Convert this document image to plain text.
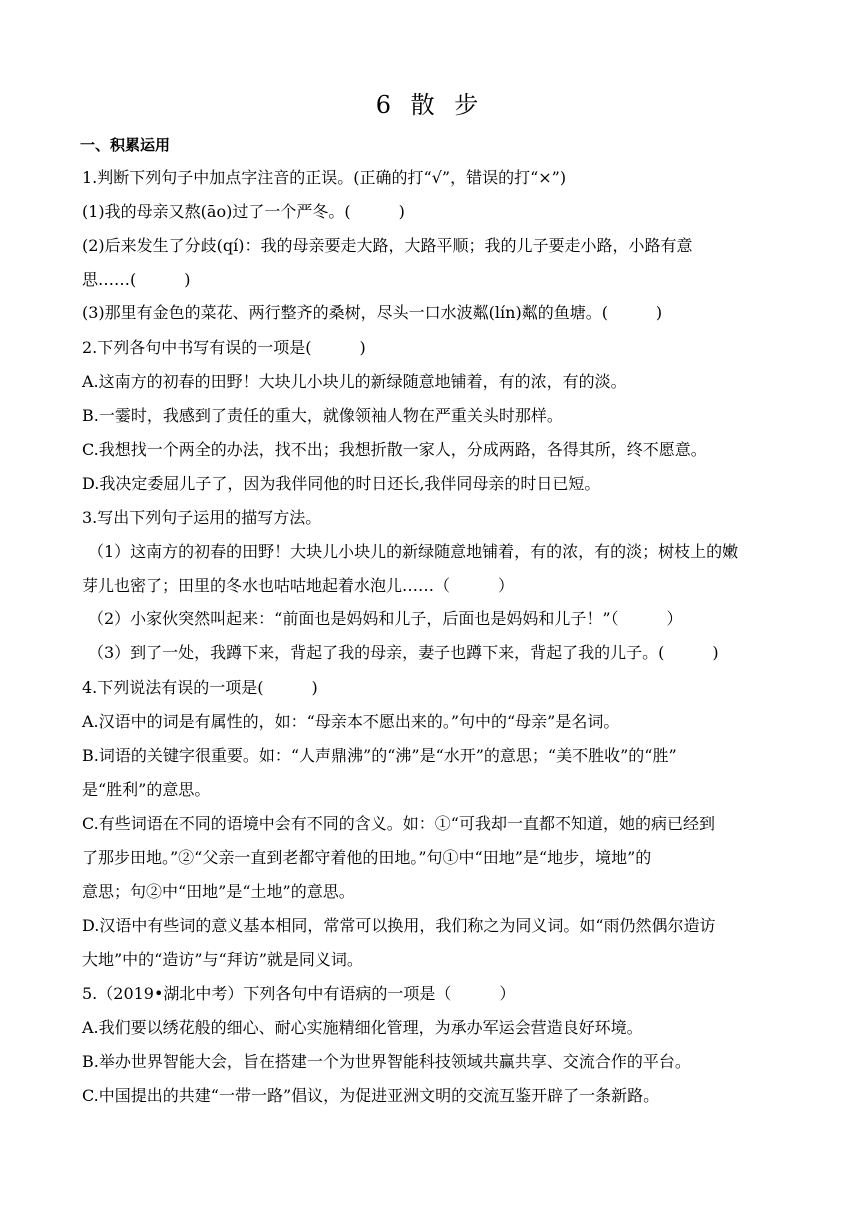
6 散 步
一、积累运用
1.判断下列句子中加点字注音的正误。(正确的打“√”，错误的打“×”)
(1)我的母亲又熬(āo)过了一个严冬。(　　　)
(2)后来发生了分歧(qí)：我的母亲要走大路，大路平顺；我的儿子要走小路，小路有意
思……(　　　)
(3)那里有金色的菜花、两行整齐的桑树，尽头一口水波粼(lín)粼的鱼塘。(　　　)
2.下列各句中书写有误的一项是(　　　)
A.这南方的初春的田野！大块儿小块儿的新绿随意地铺着，有的浓，有的淡。
B.一霎时，我感到了责任的重大，就像领袖人物在严重关头时那样。
C.我想找一个两全的办法，找不出；我想折散一家人，分成两路，各得其所，终不愿意。
D.我决定委屈儿子了，因为我伴同他的时日还长,我伴同母亲的时日已短。
3.写出下列句子运用的描写方法。
（1）这南方的初春的田野！大块儿小块儿的新绿随意地铺着，有的浓，有的淡；树枝上的嫩
芽儿也密了；田里的冬水也咕咕地起着水泡儿……（　　　）
（2）小家伙突然叫起来：“前面也是妈妈和儿子，后面也是妈妈和儿子！”（　　　）
（3）到了一处，我蹲下来，背起了我的母亲，妻子也蹲下来，背起了我的儿子。(　　　)
4.下列说法有误的一项是(　　　)
A.汉语中的词是有属性的，如：“母亲本不愿出来的。”句中的“母亲”是名词。
B.词语的关键字很重要。如：“人声鼎沸”的“沸”是“水开”的意思；“美不胜收”的“胜”
是“胜利”的意思。
C.有些词语在不同的语境中会有不同的含义。如：①“可我却一直都不知道，她的病已经到
了那步田地。”②“父亲一直到老都守着他的田地。”句①中“田地”是“地步，境地”的
意思；句②中“田地”是“土地”的意思。
D.汉语中有些词的意义基本相同，常常可以换用，我们称之为同义词。如“雨仍然偶尔造访
大地”中的“造访”与“拜访”就是同义词。
5.（2019•湖北中考）下列各句中有语病的一项是（　　　）
A.我们要以绣花般的细心、耐心实施精细化管理，为承办军运会营造良好环境。
B.举办世界智能大会，旨在搭建一个为世界智能科技领域共赢共享、交流合作的平台。
C.中国提出的共建“一带一路”倡议，为促进亚洲文明的交流互鉴开辟了一条新路。
